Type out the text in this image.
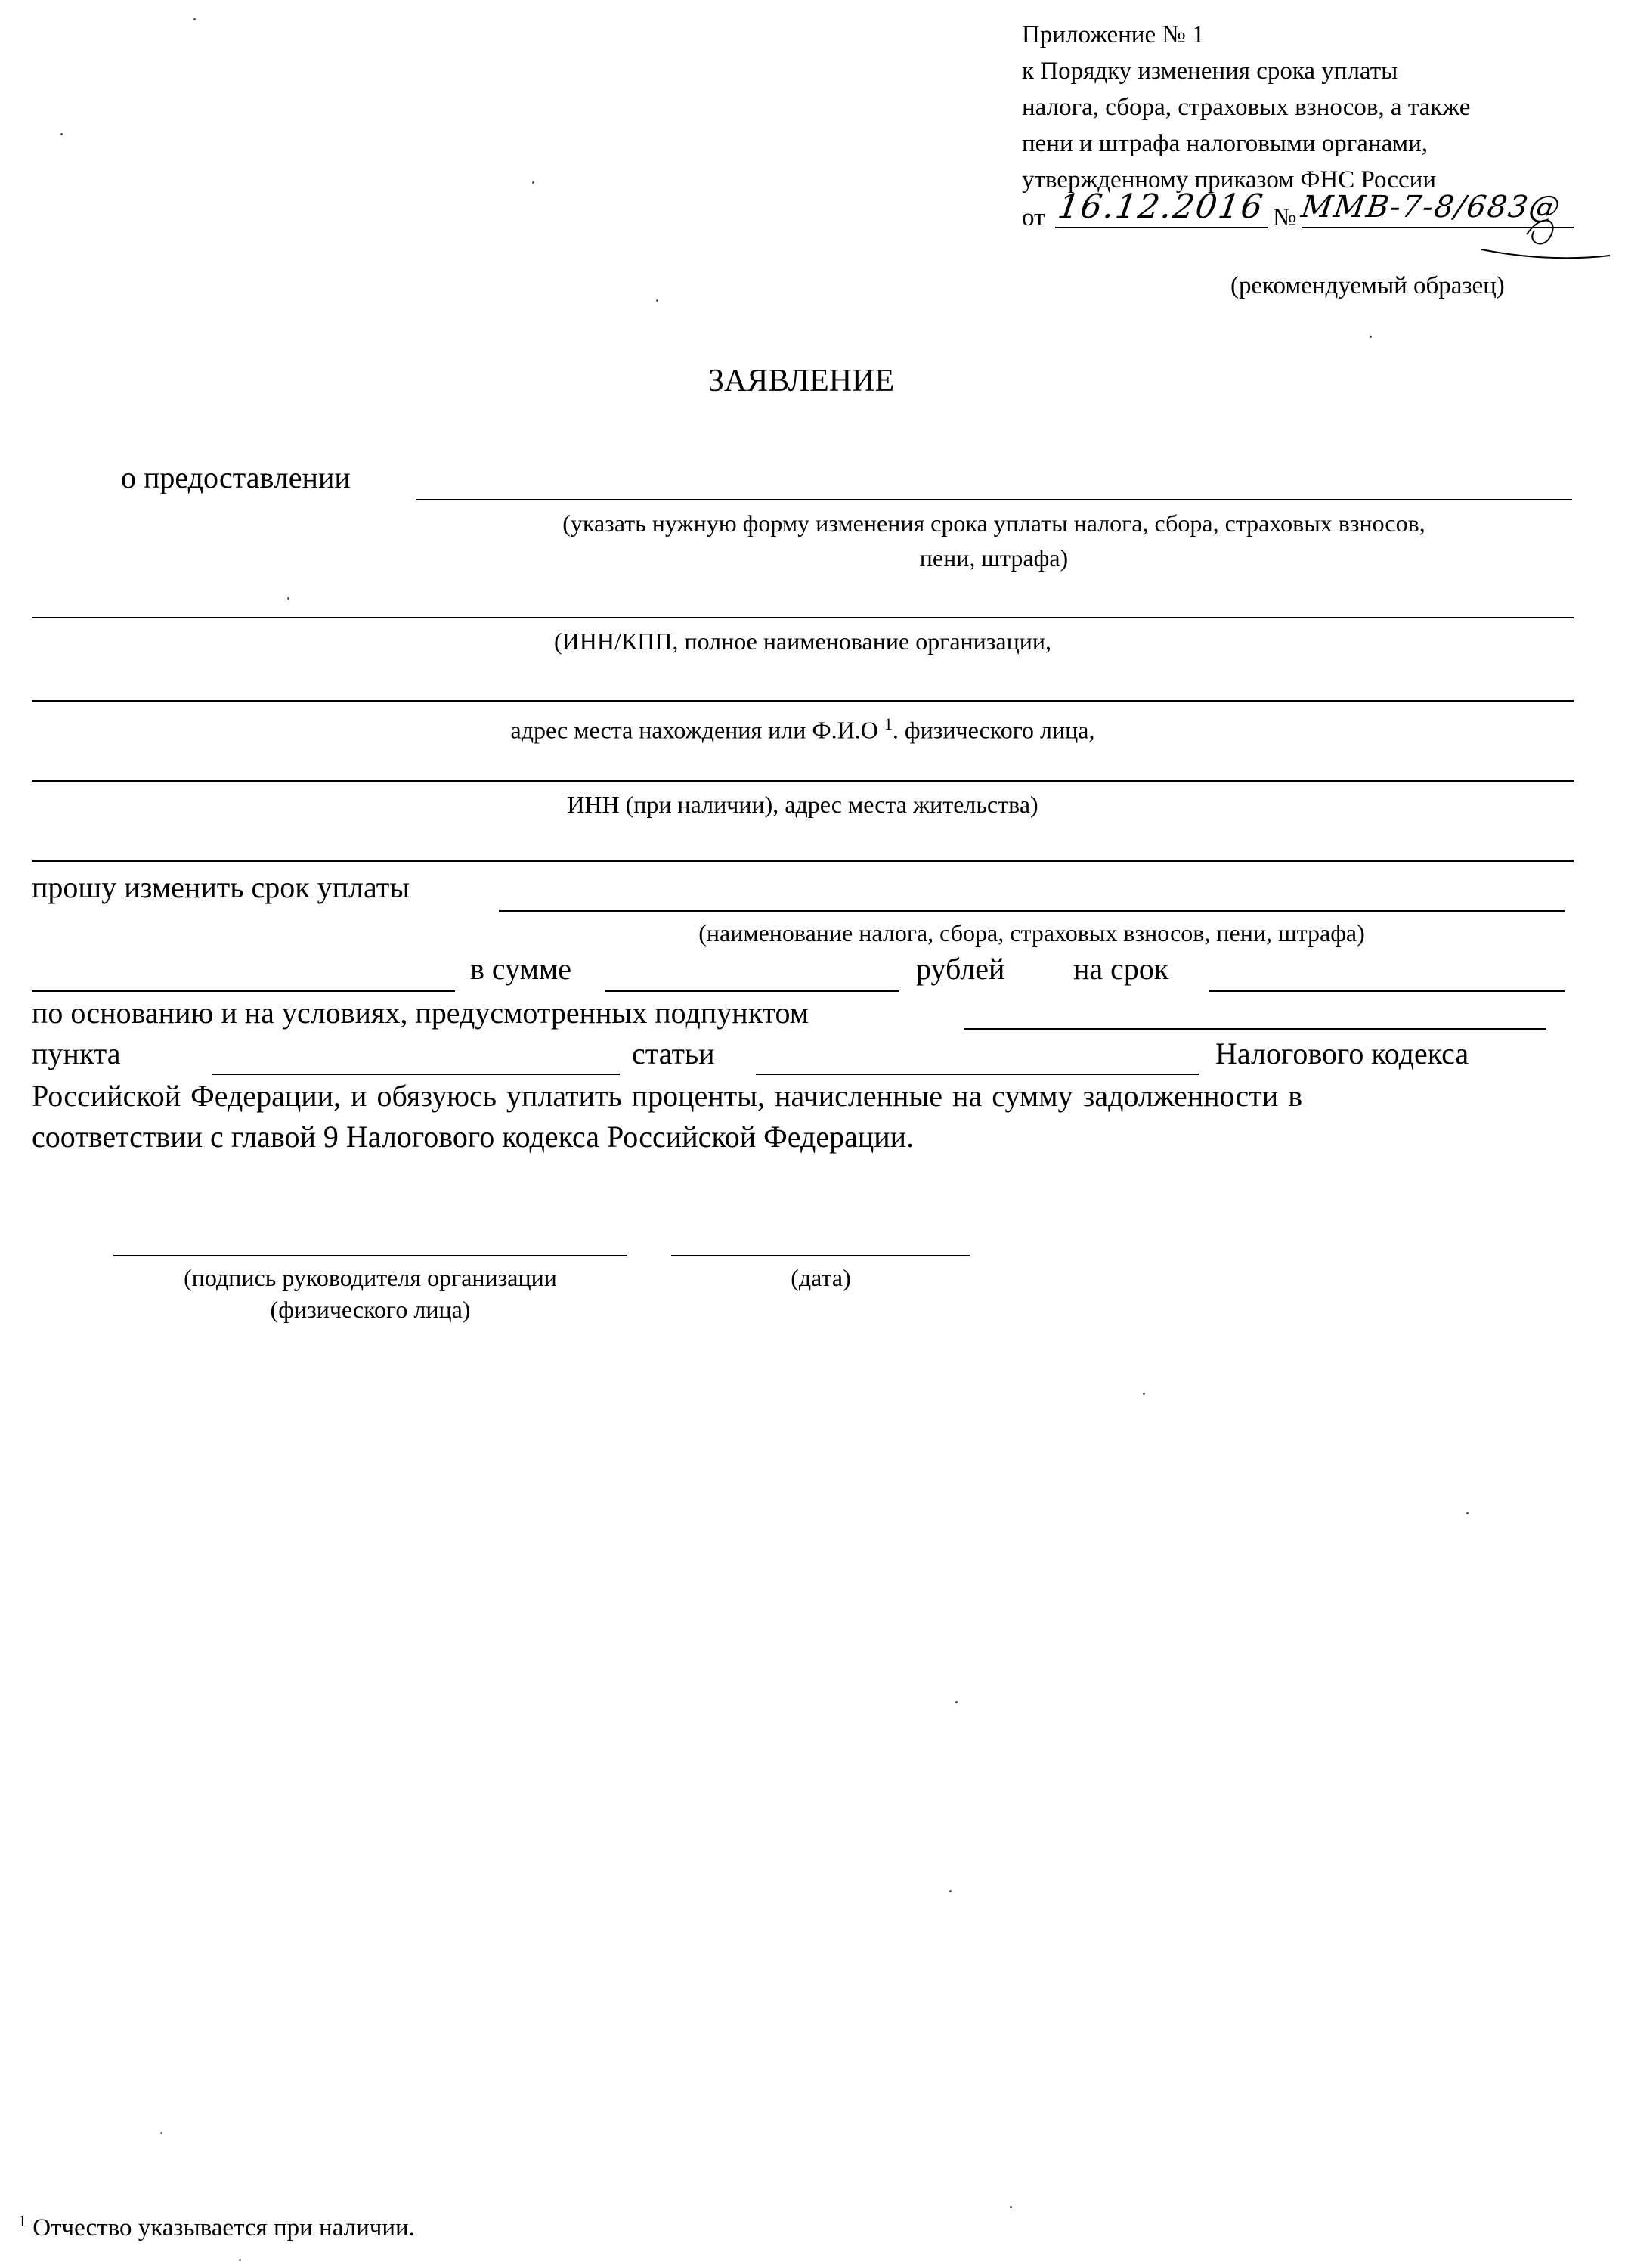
Приложение № 1
к Порядку изменения срока уплаты
налога, сбора, страховых взносов, а также
пени и штрафа налоговыми органами,
утвержденному приказом ФНС России
от 16.12.2016 № ММВ-7-8/683@
(рекомендуемый образец)
ЗАЯВЛЕНИЕ
о предоставлении
(указать нужную форму изменения срока уплаты налога, сбора, страховых взносов,
пени, штрафа)
(ИНН/КПП, полное наименование организации,
адрес места нахождения или Ф.И.О $^1$. физического лица,
ИНН (при наличии), адрес места жительства)
прошу изменить срок уплаты
(наименование налога, сбора, страховых взносов, пени, штрафа)
в сумме	рублей на срок
по основанию и на условиях, предусмотренных подпунктом
пункта	статьи	Налогового кодекса
Российской Федерации, и обязуюсь уплатить проценты, начисленные на сумму задолженности в
соответствии с главой 9 Налогового кодекса Российской Федерации.
(подпись руководителя организации
(физического лица)
(дата)
$^1$ Отчество указывается при наличии.
